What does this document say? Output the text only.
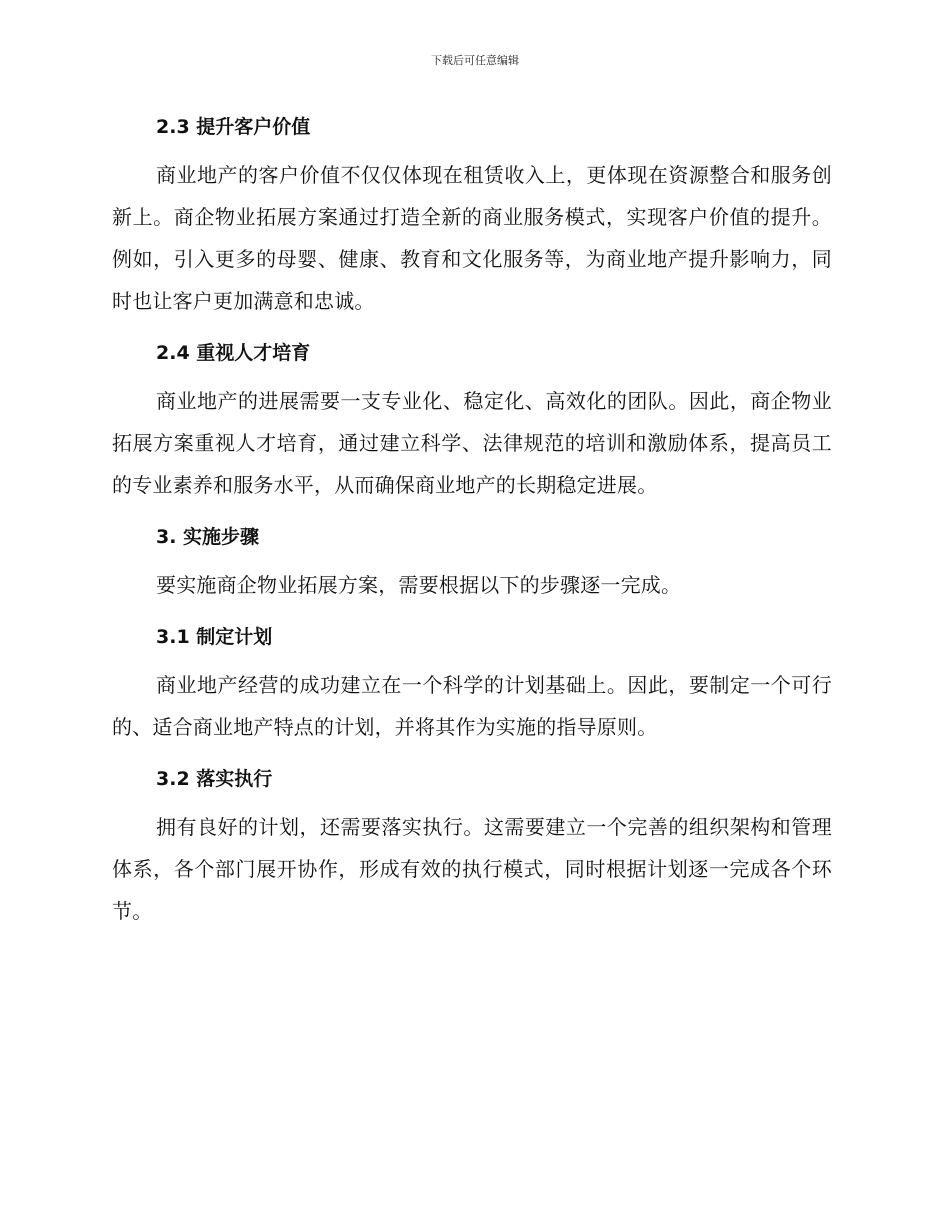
下载后可任意编辑
2.3 提升客户价值

商业地产的客户价值不仅仅体现在租赁收入上，更体现在资源整合和服务创新上。商企物业拓展方案通过打造全新的商业服务模式，实现客户价值的提升。例如，引入更多的母婴、健康、教育和文化服务等，为商业地产提升影响力，同时也让客户更加满意和忠诚。

2.4 重视人才培育

商业地产的进展需要一支专业化、稳定化、高效化的团队。因此，商企物业拓展方案重视人才培育，通过建立科学、法律规范的培训和激励体系，提高员工的专业素养和服务水平，从而确保商业地产的长期稳定进展。

3. 实施步骤

要实施商企物业拓展方案，需要根据以下的步骤逐一完成。

3.1 制定计划

商业地产经营的成功建立在一个科学的计划基础上。因此，要制定一个可行的、适合商业地产特点的计划，并将其作为实施的指导原则。

3.2 落实执行

拥有良好的计划，还需要落实执行。这需要建立一个完善的组织架构和管理体系，各个部门展开协作，形成有效的执行模式，同时根据计划逐一完成各个环节。
